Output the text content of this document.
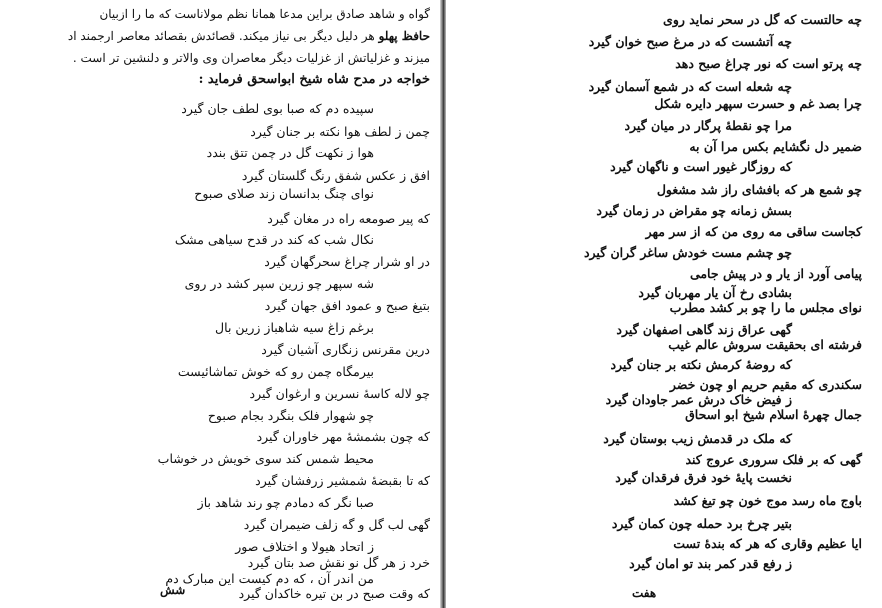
گواه و شاهد صادق براین مدعا همانا نظم مولاناست که ما را ازبیان
حافظ پهلو هر دلیل دیگر بی نیاز میکند. قصائدش بقصائد معاصر ارجمند اد
میزند و غزلیاتش از غزلیات دیگر معاصران وی والاتر و دلنشین تر است .
خواجه در مدح شاه شیخ ابواسحق فرماید :
سپیده دم که صبا بوی لطف جان گیرد
چمن ز لطف هوا نکته بر جنان گیرد
هوا ز نکهت گل در چمن تتق بندد
افق ز عکس شفق رنگ گلستان گیرد
نوای چنگ بدانسان زند صلای صبوح
که پیر صومعه راه در مغان گیرد
نکال شب که کند در قدح سیاهی مشک
در او شرار چراغ سحرگهان گیرد
شه سپهر چو زرین سپر کشد در روی
بتیغ صبح و عمود افق جهان گیرد
برغم زاغ سیه شاهباز زرین بال
درین مقرنس زنگاری آشیان گیرد
بیرمگاه چمن رو که خوش تماشائیست
چو لاله کاسهٔ نسرین و ارغوان گیرد
چو شهوار فلک بنگرد بجام صبوح
که چون بشمشهٔ مهر خاوران گیرد
محیط شمس کند سوی خویش در خوشاب
که تا بقبضهٔ شمشیر زرفشان گیرد
صبا نگر که دمادم چو رند شاهد باز
گهی لب گل و گه زلف ضیمران گیرد
ز اتحاد هیولا و اختلاف صور
خرد ز هر گل نو نقش صد بتان گیرد
من اندر آن ، که دم کیست این مبارک دم
که وقت صبح در بن تیره خاکدان گیرد
شش
چه حالتست که گل در سحر نماید روی
چه آتشست که در مرغ صبح خوان گیرد
چه پرتو است که نور چراغ صبح دهد
چه شعله است که در شمع آسمان گیرد
چرا بصد غم و حسرت سپهر دایره شکل
مرا چو نقطهٔ پرگار در میان گیرد
ضمیر دل نگشایم بکس مرا آن به
که روزگار غیور است و ناگهان گیرد
چو شمع هر که بافشای راز شد مشغول
بسش زمانه چو مقراض در زمان گیرد
کجاست ساقی مه روی من که از سر مهر
چو چشم مست خودش ساغر گران گیرد
پیامی آورد از یار و در پیش جامی
بشادی رخ آن یار مهربان گیرد
نوای مجلس ما را چو بر کشد مطرب
گهی عراق زند گاهی اصفهان گیرد
فرشته ای بحقیقت سروش عالم غیب
که روضهٔ کرمش نکته بر جنان گیرد
سکندری که مقیم حریم او چون خضر
ز فیض خاک درش عمر جاودان گیرد
جمال چهرهٔ اسلام شیخ ابو اسحاق
که ملک در قدمش زیب بوستان گیرد
گهی که بر فلک سروری عروج کند
نخست پایهٔ خود فرق فرقدان گیرد
باوج ماه رسد موج خون چو تیغ کشد
بتیر چرخ برد حمله چون کمان گیرد
ایا عظیم وقاری که هر که بندهٔ تست
ز رفع قدر کمر بند تو امان گیرد
هفت
